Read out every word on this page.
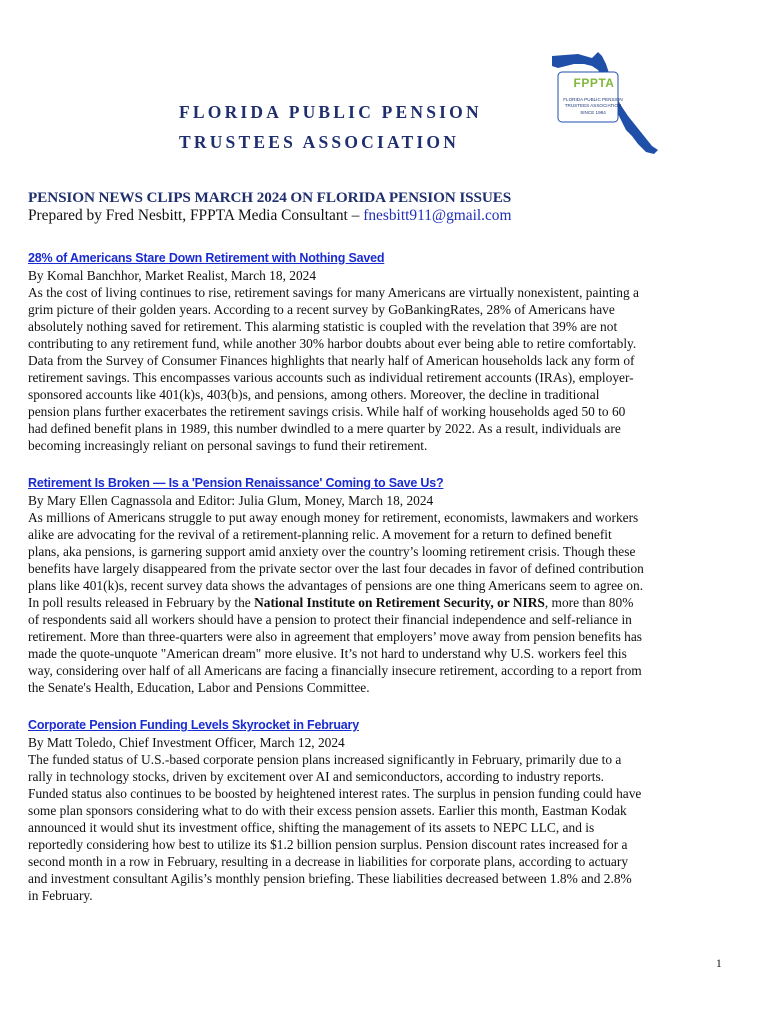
FLORIDA PUBLIC PENSION
TRUSTEES ASSOCIATION
FPPTA
FLORIDA PUBLIC PENSION
TRUSTEES ASSOCIATION
SINCE 1984
PENSION NEWS CLIPS MARCH 2024 ON FLORIDA PENSION ISSUES
Prepared by Fred Nesbitt, FPPTA Media Consultant – fnesbitt911@gmail.com
28% of Americans Stare Down Retirement with Nothing Saved
By Komal Banchhor, Market Realist, March 18, 2024
As the cost of living continues to rise, retirement savings for many Americans are virtually nonexistent, painting a
grim picture of their golden years. According to a recent survey by GoBankingRates, 28% of Americans have
absolutely nothing saved for retirement. This alarming statistic is coupled with the revelation that 39% are not
contributing to any retirement fund, while another 30% harbor doubts about ever being able to retire comfortably.
Data from the Survey of Consumer Finances highlights that nearly half of American households lack any form of
retirement savings. This encompasses various accounts such as individual retirement accounts (IRAs), employer-
sponsored accounts like 401(k)s, 403(b)s, and pensions, among others. Moreover, the decline in traditional
pension plans further exacerbates the retirement savings crisis. While half of working households aged 50 to 60
had defined benefit plans in 1989, this number dwindled to a mere quarter by 2022. As a result, individuals are
becoming increasingly reliant on personal savings to fund their retirement.
Retirement Is Broken — Is a 'Pension Renaissance' Coming to Save Us?
By Mary Ellen Cagnassola and Editor: Julia Glum, Money, March 18, 2024
As millions of Americans struggle to put away enough money for retirement, economists, lawmakers and workers
alike are advocating for the revival of a retirement-planning relic. A movement for a return to defined benefit
plans, aka pensions, is garnering support amid anxiety over the country’s looming retirement crisis. Though these
benefits have largely disappeared from the private sector over the last four decades in favor of defined contribution
plans like 401(k)s, recent survey data shows the advantages of pensions are one thing Americans seem to agree on.
In poll results released in February by the National Institute on Retirement Security, or NIRS, more than 80%
of respondents said all workers should have a pension to protect their financial independence and self-reliance in
retirement. More than three-quarters were also in agreement that employers’ move away from pension benefits has
made the quote-unquote "American dream" more elusive. It’s not hard to understand why U.S. workers feel this
way, considering over half of all Americans are facing a financially insecure retirement, according to a report from
the Senate's Health, Education, Labor and Pensions Committee.
Corporate Pension Funding Levels Skyrocket in February
By Matt Toledo, Chief Investment Officer, March 12, 2024
The funded status of U.S.-based corporate pension plans increased significantly in February, primarily due to a
rally in technology stocks, driven by excitement over AI and semiconductors, according to industry reports.
Funded status also continues to be boosted by heightened interest rates. The surplus in pension funding could have
some plan sponsors considering what to do with their excess pension assets. Earlier this month, Eastman Kodak
announced it would shut its investment office, shifting the management of its assets to NEPC LLC, and is
reportedly considering how best to utilize its $1.2 billion pension surplus. Pension discount rates increased for a
second month in a row in February, resulting in a decrease in liabilities for corporate plans, according to actuary
and investment consultant Agilis’s monthly pension briefing. These liabilities decreased between 1.8% and 2.8%
in February.
1
